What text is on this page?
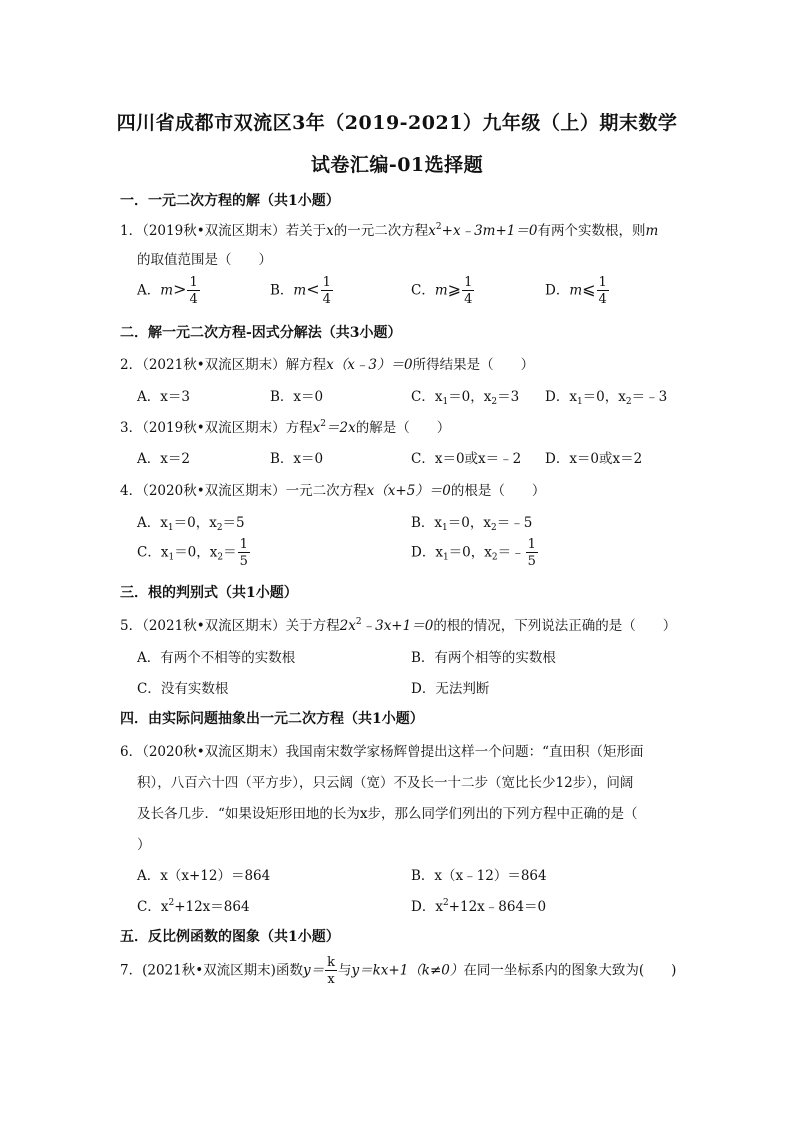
四川省成都市双流区3年（2019-2021）九年级（上）期末数学
试卷汇编-01选择题
一．一元二次方程的解（共1小题）
1．（2019秋•双流区期末）若关于x的一元二次方程$x^2+x﹣3m+1=0$有两个实数根，则m
的取值范围是（　　）
A．$m> \frac{1}{4}$	B．$m< \frac{1}{4}$	C．m⩾ $\frac{1}{4}$	D．m⩽ $\frac{1}{4}$
二．解一元二次方程-因式分解法（共3小题）
2．（2021秋•双流区期末）解方程x（x﹣3）＝0所得结果是（　　）
A．x＝3	B．x＝0	C．$x_1=0$，$x_2=3$ D．$x_1=0$，$x_2=﹣3$
3．（2019秋•双流区期末）方程$x^2=2x$的解是（　　）
A．x＝2	B．x＝0	C．x＝0或x＝﹣2 D．x＝0或x＝2
4．（2020秋•双流区期末）一元二次方程x（x+5）＝0的根是（　　）
A．$x_1=0$，$x_2=5$	B．$x_1=0$，$x_2=﹣5$
C．$x_1=0$，$x_2= \frac{1}{5}$	D．$x_1=0$，$x_2=﹣ \frac{1}{5}$
三．根的判别式（共1小题）
5．（2021秋•双流区期末）关于方程$2x^2﹣3x+1=0$的根的情况，下列说法正确的是（　　）
A．有两个不相等的实数根	B．有两个相等的实数根
C．没有实数根	D．无法判断
四．由实际问题抽象出一元二次方程（共1小题）
6．（2020秋•双流区期末）我国南宋数学家杨辉曾提出这样一个问题：“直田积（矩形面
积），八百六十四（平方步），只云阔（宽）不及长一十二步（宽比长少12步），问阔
及长各几步．“如果设矩形田地的长为x步，那么同学们列出的下列方程中正确的是（
）
A．x（x+12）＝864	B．x（x﹣12）＝864
C．$x^2+12x=864$	D．$x^2+12x﹣864=0$
五．反比例函数的图象（共1小题）
7．(2021秋•双流区期末)函数$y= \frac{k}{x}$ 与y＝kx+1（k≠0）在同一坐标系内的图象大致为(　　)
